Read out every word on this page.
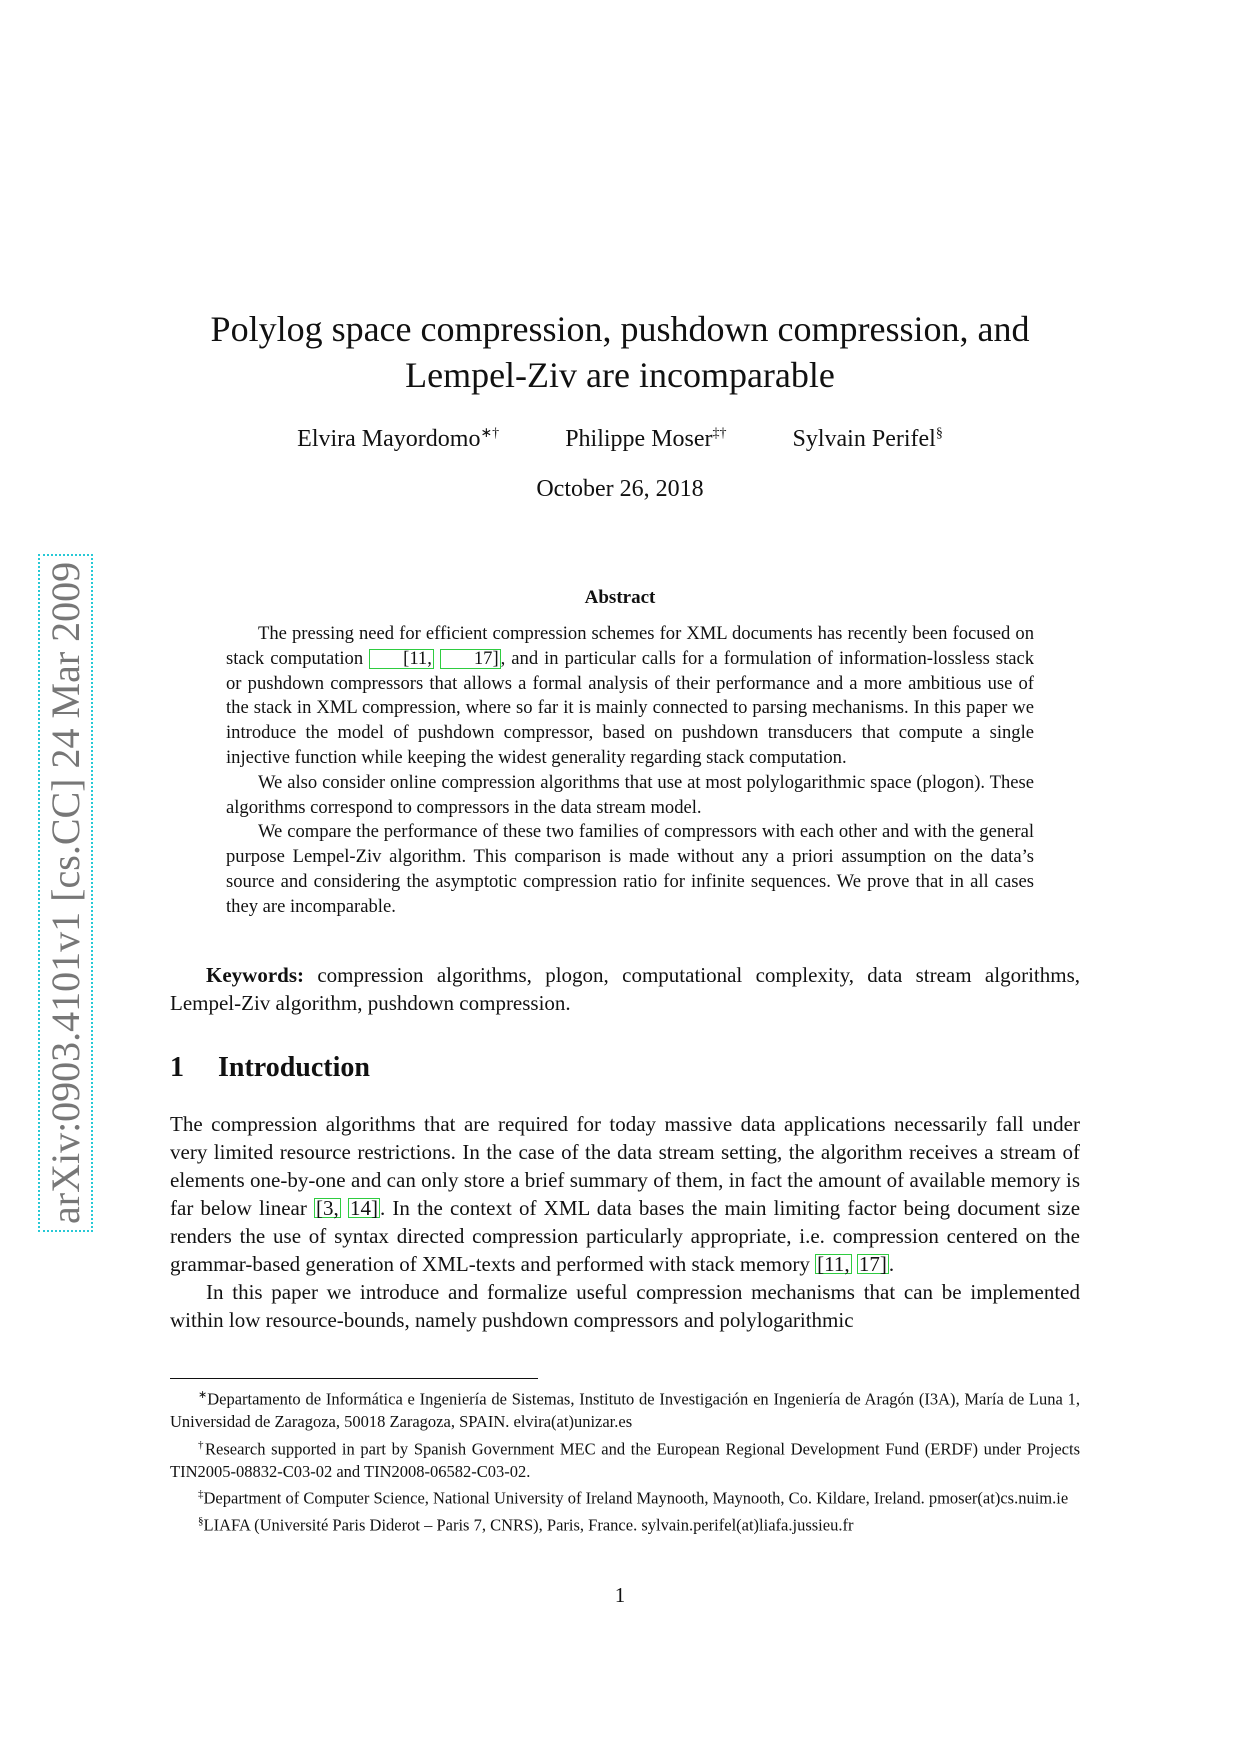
arXiv:0903.4101v1 [cs.CC] 24 Mar 2009
Polylog space compression, pushdown compression, and
Lempel-Ziv are incomparable
Elvira Mayordomo∗†	Philippe Moser‡†	Sylvain Perifel§
October 26, 2018
Abstract

The pressing need for efficient compression schemes for XML documents has recently been focused on stack computation [11, 17] , and in particular calls for a formulation of information-lossless stack or pushdown compressors that allows a formal analysis of their performance and a more ambitious use of the stack in XML compression, where so far it is mainly connected to parsing mechanisms. In this paper we introduce the model of pushdown compressor, based on pushdown transducers that compute a single injective function while keeping the widest generality regarding stack computation.

We also consider online compression algorithms that use at most polylogarithmic space (plogon). These algorithms correspond to compressors in the data stream model.

We compare the performance of these two families of compressors with each other and with the general purpose Lempel-Ziv algorithm. This comparison is made without any a priori assumption on the data’s source and considering the asymptotic compression ratio for infinite sequences. We prove that in all cases they are incomparable.

Keywords: compression algorithms, plogon, computational complexity, data stream algorithms, Lempel-Ziv algorithm, pushdown compression.
1 Introduction

The compression algorithms that are required for today massive data applications necessarily fall under very limited resource restrictions. In the case of the data stream setting, the algorithm receives a stream of elements one-by-one and can only store a brief summary of them, in fact the amount of available memory is far below linear [3, 14]. In the context of XML data bases the main limiting factor being document size renders the use of syntax directed compression particularly appropriate, i.e. compression centered on the grammar-based generation of XML-texts and performed with stack memory [11, 17].

In this paper we introduce and formalize useful compression mechanisms that can be implemented within low resource-bounds, namely pushdown compressors and polylogarithmic

∗Departamento de Informática e Ingeniería de Sistemas, Instituto de Investigación en Ingeniería de Aragón (I3A), María de Luna 1, Universidad de Zaragoza, 50018 Zaragoza, SPAIN. elvira(at)unizar.es

†Research supported in part by Spanish Government MEC and the European Regional Development Fund (ERDF) under Projects TIN2005-08832-C03-02 and TIN2008-06582-C03-02.

‡Department of Computer Science, National University of Ireland Maynooth, Maynooth, Co. Kildare, Ireland. pmoser(at)cs.nuim.ie

§LIAFA (Université Paris Diderot – Paris 7, CNRS), Paris, France. sylvain.perifel(at)liafa.jussieu.fr

1
